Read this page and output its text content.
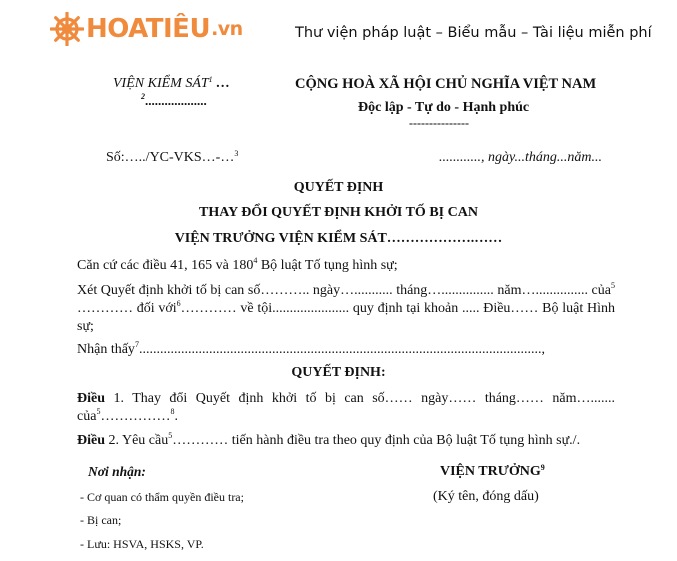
HOATIÊU .vn	Thư viện pháp luật – Biểu mẫu – Tài liệu miễn phí
VIỆN KIỂM SÁT$^1$ …
$^2$...................
CỘNG HOÀ XÃ HỘI CHỦ NGHĨA VIỆT NAM
Độc lập - Tự do - Hạnh phúc
---------------
Số:…../YC-VKS…-…$^3$	............, ngày...tháng...năm...
QUYẾT ĐỊNH
THAY ĐỔI QUYẾT ĐỊNH KHỞI TỐ BỊ CAN
VIỆN TRƯỞNG VIỆN KIỂM SÁT……………….……
Căn cứ các điều 41, 165 và $180^4$ Bộ luật Tố tụng hình sự;
Xét Quyết định khởi tố bị can số……….. ngày…........... tháng…............... năm…............... của$^5$ ………… đối với$^6$………… về tội...................... quy định tại khoản ..... Điều…… Bộ luật Hình sự;
Nhận thấy$^7$...................................................................................................................,
QUYẾT ĐỊNH:
Điều 1. Thay đổi Quyết định khởi tố bị can số…… ngày…… tháng…… năm…....... của$^5$……………$^8$.
Điều 2. Yêu cầu$^5$………… tiến hành điều tra theo quy định của Bộ luật Tố tụng hình sự./.
Nơi nhận:
- Cơ quan có thẩm quyền điều tra;
- Bị can;
- Lưu: HSVA, HSKS, VP.
VIỆN TRƯỞNG$^9$
(Ký tên, đóng dấu)
